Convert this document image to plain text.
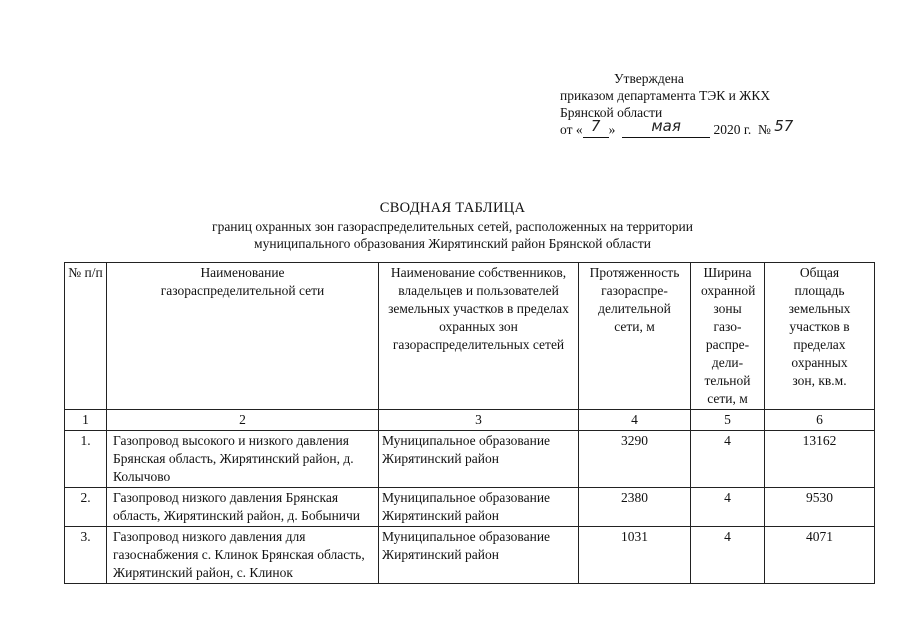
Утверждена
приказом департамента ТЭК и ЖКХ
Брянской области
от « 7 » мая 2020 г. № 57
СВОДНАЯ ТАБЛИЦА
границ охранных зон газораспределительных сетей, расположенных на территории
муниципального образования Жирятинский район Брянской области
№ п/п	Наименование газораспределительной сети	Наименование собственников, владельцев и пользователей земельных участков в пределах охранных зон газораспределительных сетей	Протяженность газораспре-делительной сети, м	Ширина охранной зоны газо-распре-дели-тельной сети, м	Общая площадь земельных участков в пределах охранных зон, кв.м.
1	2	3	4	5	6
1.	Газопровод высокого и низкого давления Брянская область, Жирятинский район, д. Колычово	Муниципальное образование Жирятинский район	3290	4	13162
2.	Газопровод низкого давления Брянская область, Жирятинский район, д. Бобыничи	Муниципальное образование Жирятинский район	2380	4	9530
3.	Газопровод низкого давления для газоснабжения с. Клинок Брянская область, Жирятинский район, с. Клинок	Муниципальное образование Жирятинский район	1031	4	4071
